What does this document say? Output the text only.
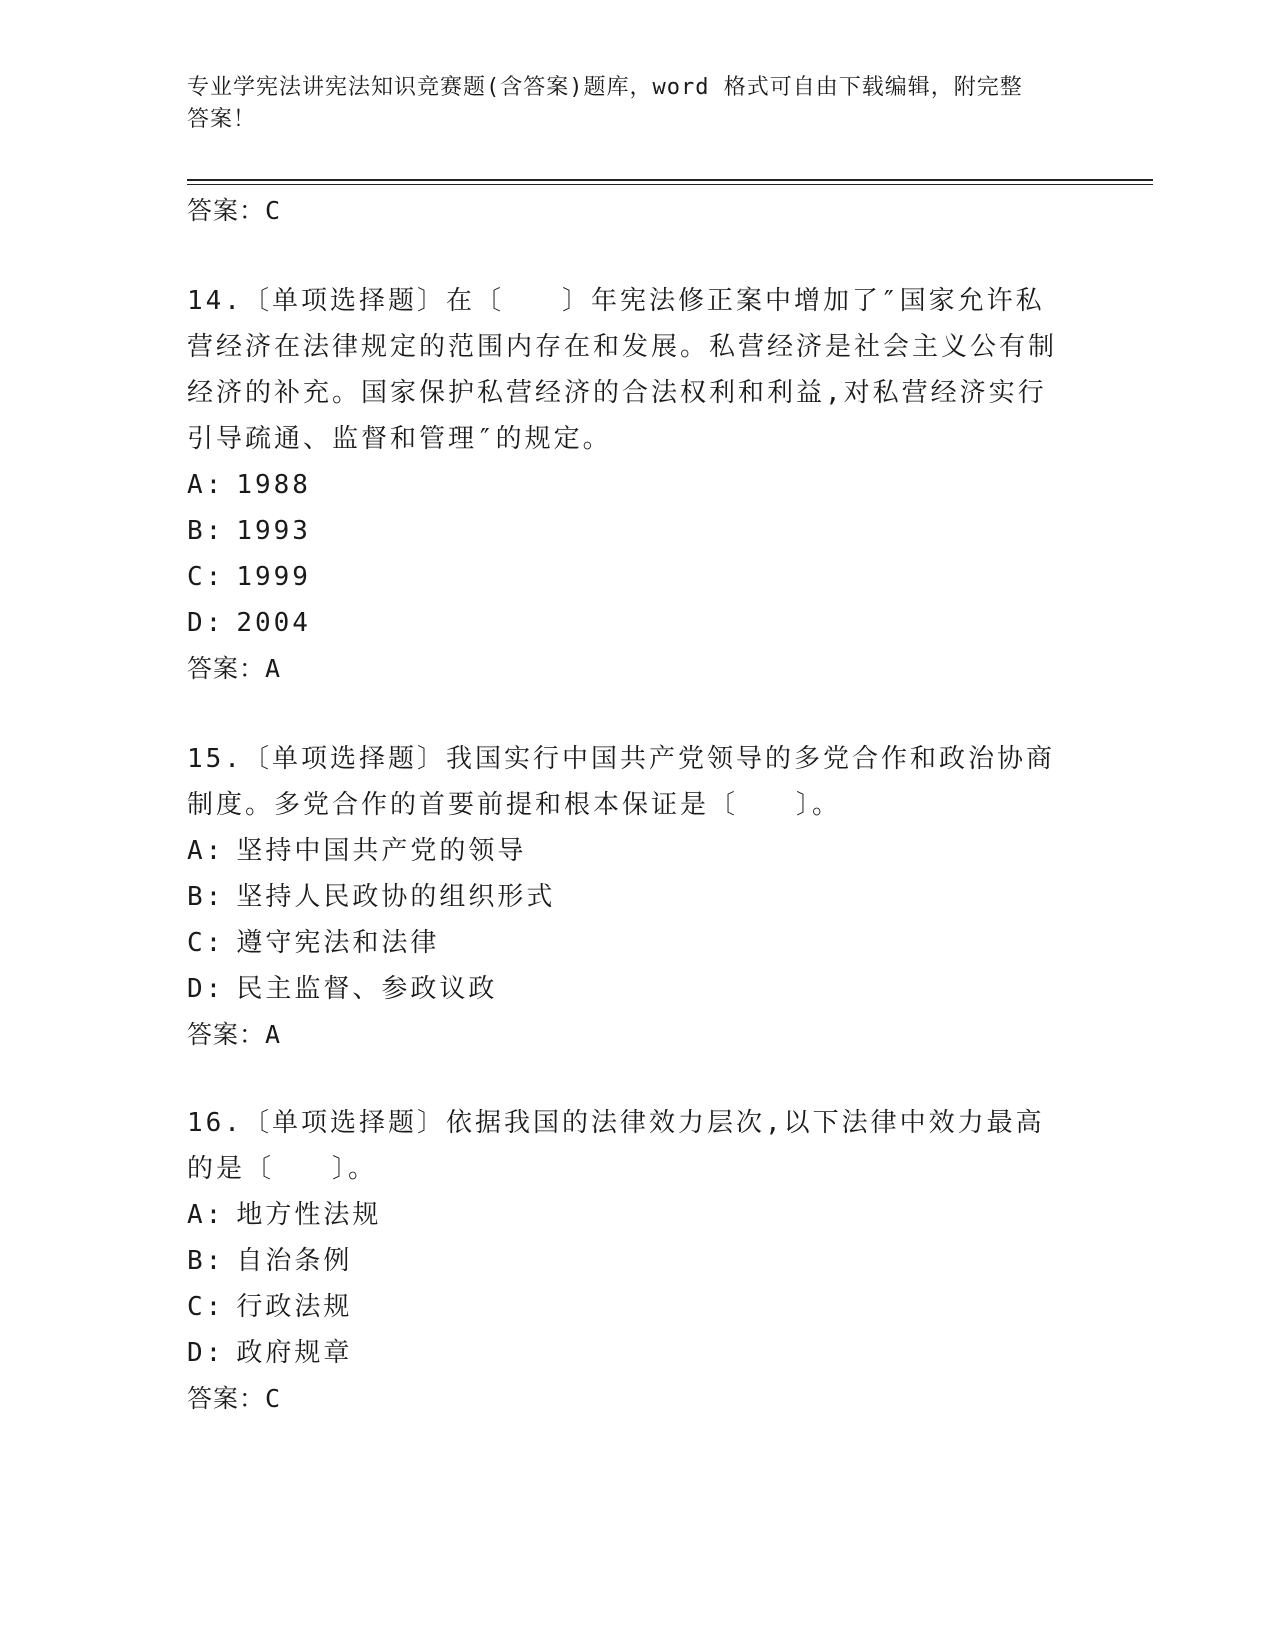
专业学宪法讲宪法知识竞赛题(含答案)题库，word 格式可自由下载编辑，附完整
答案！
答案：C
14.〔单项选择题〕在〔　　〕年宪法修正案中增加了″国家允许私营经济在法律规定的范围内存在和发展。私营经济是社会主义公有制经济的补充。国家保护私营经济的合法权利和利益,对私营经济实行引导疏通、监督和管理″的规定。
A: 1988
B: 1993
C: 1999
D: 2004
答案：A
15.〔单项选择题〕我国实行中国共产党领导的多党合作和政治协商制度。多党合作的首要前提和根本保证是〔　　〕。
A: 坚持中国共产党的领导
B: 坚持人民政协的组织形式
C: 遵守宪法和法律
D: 民主监督、参政议政
答案：A
16.〔单项选择题〕依据我国的法律效力层次,以下法律中效力最高的是〔　　〕。
A: 地方性法规
B: 自治条例
C: 行政法规
D: 政府规章
答案：C
